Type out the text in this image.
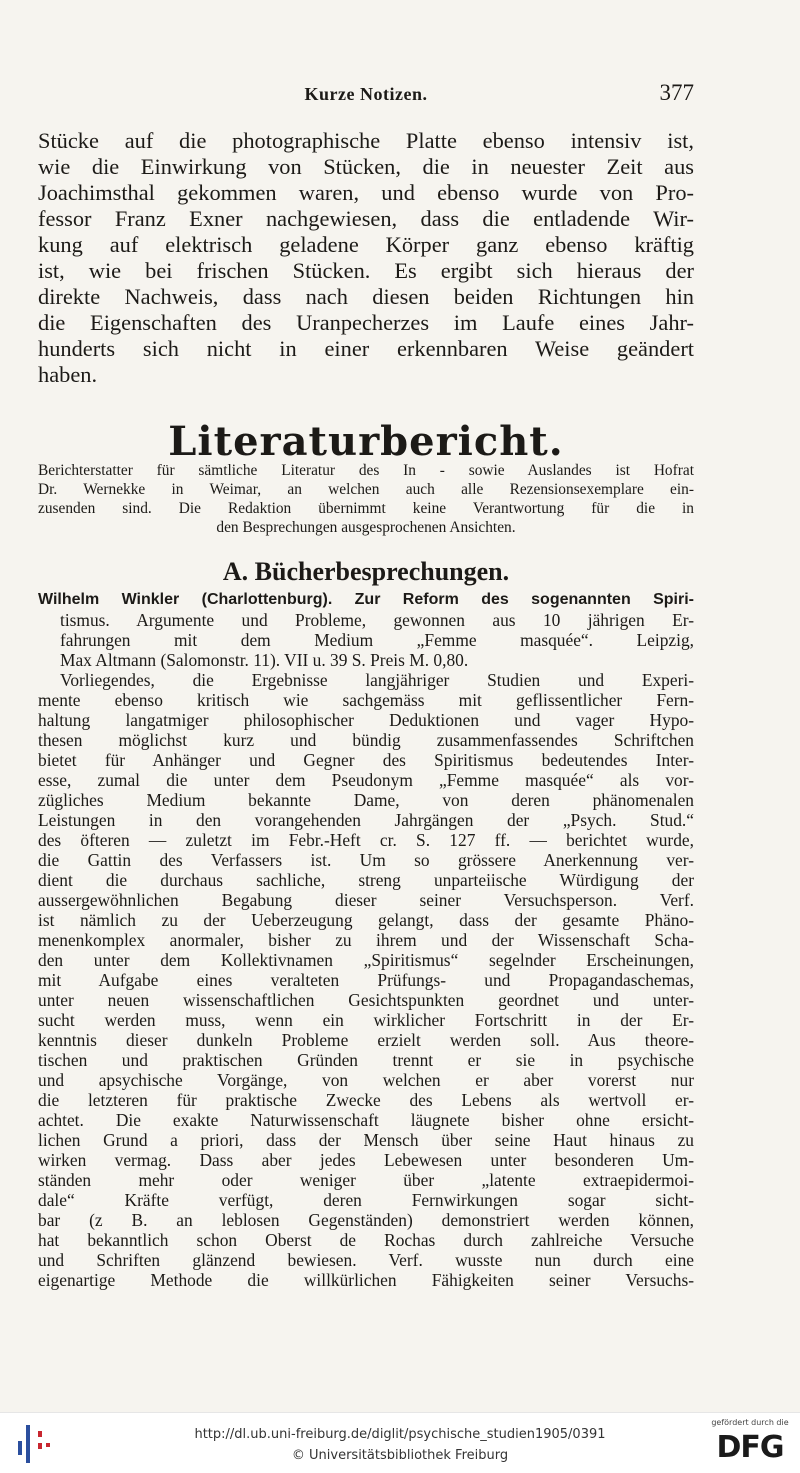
Kurze Notizen.	377
Stücke auf die photographische Platte ebenso intensiv ist,
wie die Einwirkung von Stücken, die in neuester Zeit aus
Joachimsthal gekommen waren, und ebenso wurde von Pro-
fessor Franz Exner nachgewiesen, dass die entladende Wir-
kung auf elektrisch geladene Körper ganz ebenso kräftig
ist, wie bei frischen Stücken. Es ergibt sich hieraus der
direkte Nachweis, dass nach diesen beiden Richtungen hin
die Eigenschaften des Uranpecherzes im Laufe eines Jahr-
hunderts sich nicht in einer erkennbaren Weise geändert
haben.
Literaturbericht.
Berichterstatter für sämtliche Literatur des In - sowie Auslandes ist Hofrat
Dr. Wernekke in Weimar, an welchen auch alle Rezensionsexemplare ein-
zusenden sind. Die Redaktion übernimmt keine Verantwortung für die in
den Besprechungen ausgesprochenen Ansichten.
A. Bücherbesprechungen.
Wilhelm Winkler (Charlottenburg). Zur Reform des sogenannten Spiri-
tismus. Argumente und Probleme, gewonnen aus 10 jährigen Er-
fahrungen mit dem Medium „Femme masquée“. Leipzig,
Max Altmann (Salomonstr. 11). VII u. 39 S. Preis M. 0,80.
Vorliegendes, die Ergebnisse langjähriger Studien und Experi-
mente ebenso kritisch wie sachgemäss mit geflissentlicher Fern-
haltung langatmiger philosophischer Deduktionen und vager Hypo-
thesen möglichst kurz und bündig zusammenfassendes Schriftchen
bietet für Anhänger und Gegner des Spiritismus bedeutendes Inter-
esse, zumal die unter dem Pseudonym „Femme masquée“ als vor-
zügliches Medium bekannte Dame, von deren phänomenalen
Leistungen in den vorangehenden Jahrgängen der „Psych. Stud.“
des öfteren — zuletzt im Febr.-Heft cr. S. 127 ff. — berichtet wurde,
die Gattin des Verfassers ist. Um so grössere Anerkennung ver-
dient die durchaus sachliche, streng unparteiische Würdigung der
aussergewöhnlichen Begabung dieser seiner Versuchsperson. Verf.
ist nämlich zu der Ueberzeugung gelangt, dass der gesamte Phäno-
menenkomplex anormaler, bisher zu ihrem und der Wissenschaft Scha-
den unter dem Kollektivnamen „Spiritismus“ segelnder Erscheinungen,
mit Aufgabe eines veralteten Prüfungs- und Propagandaschemas,
unter neuen wissenschaftlichen Gesichtspunkten geordnet und unter-
sucht werden muss, wenn ein wirklicher Fortschritt in der Er-
kenntnis dieser dunkeln Probleme erzielt werden soll. Aus theore-
tischen und praktischen Gründen trennt er sie in psychische
und apsychische Vorgänge, von welchen er aber vorerst nur
die letzteren für praktische Zwecke des Lebens als wertvoll er-
achtet. Die exakte Naturwissenschaft läugnete bisher ohne ersicht-
lichen Grund a priori, dass der Mensch über seine Haut hinaus zu
wirken vermag. Dass aber jedes Lebewesen unter besonderen Um-
ständen mehr oder weniger über „latente extraepidermoi-
dale“ Kräfte verfügt, deren Fernwirkungen sogar sicht-
bar (z B. an leblosen Gegenständen) demonstriert werden können,
hat bekanntlich schon Oberst de Rochas durch zahlreiche Versuche
und Schriften glänzend bewiesen. Verf. wusste nun durch eine
eigenartige Methode die willkürlichen Fähigkeiten seiner Versuchs-
http://dl.ub.uni-freiburg.de/diglit/psychische_studien1905/0391
© Universitätsbibliothek Freiburg
gefördert durch die
DFG
